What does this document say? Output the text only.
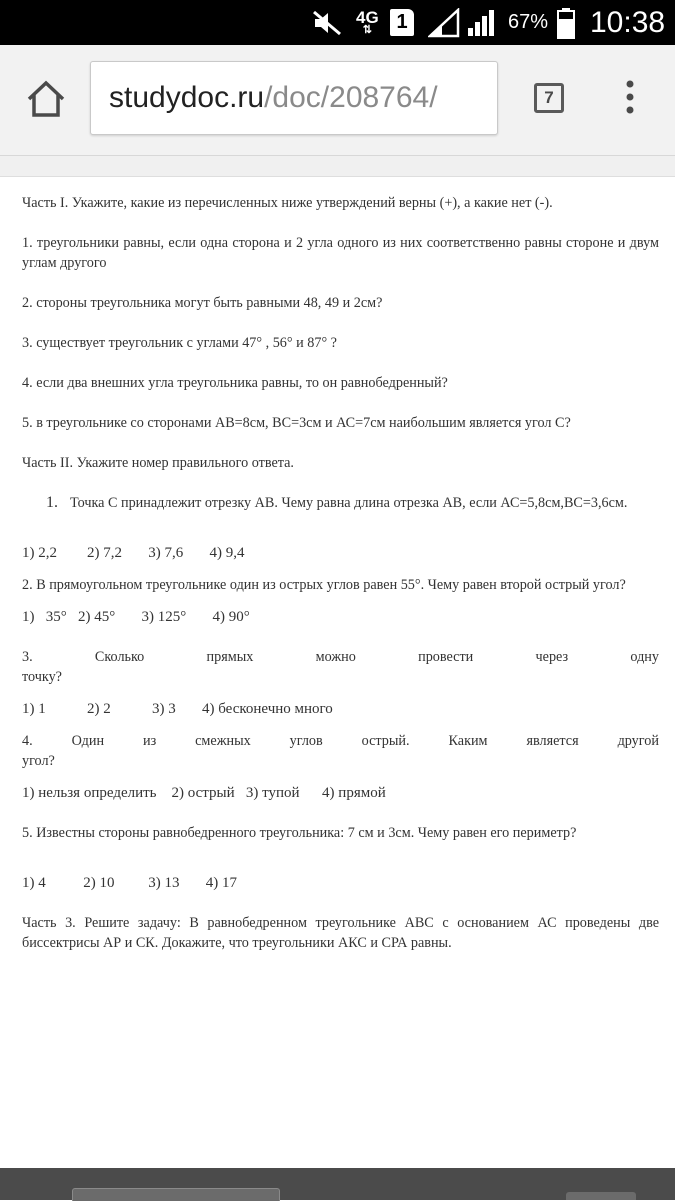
4G
⇅	1	67% 10:38
studydoc.ru /doc/208764/	7

Часть I. Укажите, какие из перечисленных ниже утверждений верны (+), а какие нет (-).

1. треугольники равны, если одна сторона и 2 угла одного из них соответственно равны стороне и двум углам другого

2. стороны треугольника могут быть равными 48, 49 и 2см?

3. существует треугольник с углами 47° , 56° и 87° ?

4. если два внешних угла треугольника равны, то он равнобедренный?

5. в треугольнике со сторонами АВ=8см, ВС=3см и АС=7см наибольшим является угол С?

Часть II. Укажите номер правильного ответа.

1. Точка С принадлежит отрезку АВ. Чему равна длина отрезка АВ, если АС=5,8см,ВС=3,6см.

1) 2,2        2) 7,2       3) 7,6       4) 9,4

2. В прямоугольном треугольнике один из острых углов равен 55°. Чему равен второй острый угол?

1)   35°   2) 45°       3) 125°       4) 90°

3.	Сколько	прямых	можно	провести	через	одну

точку?

1) 1           2) 2           3) 3       4) бесконечно много

4.	Один	из	смежных	углов	острый.	Каким	является	другой

угол?

1) нельзя определить    2) острый   3) тупой      4) прямой

5. Известны стороны равнобедренного треугольника: 7 см и 3см. Чему равен его периметр?

1) 4          2) 10         3) 13       4) 17

Часть 3. Решите задачу: В равнобедренном треугольнике АВС с основанием АС проведены две биссектрисы АР и СК. Докажите, что треугольники АКС и СРА равны.
